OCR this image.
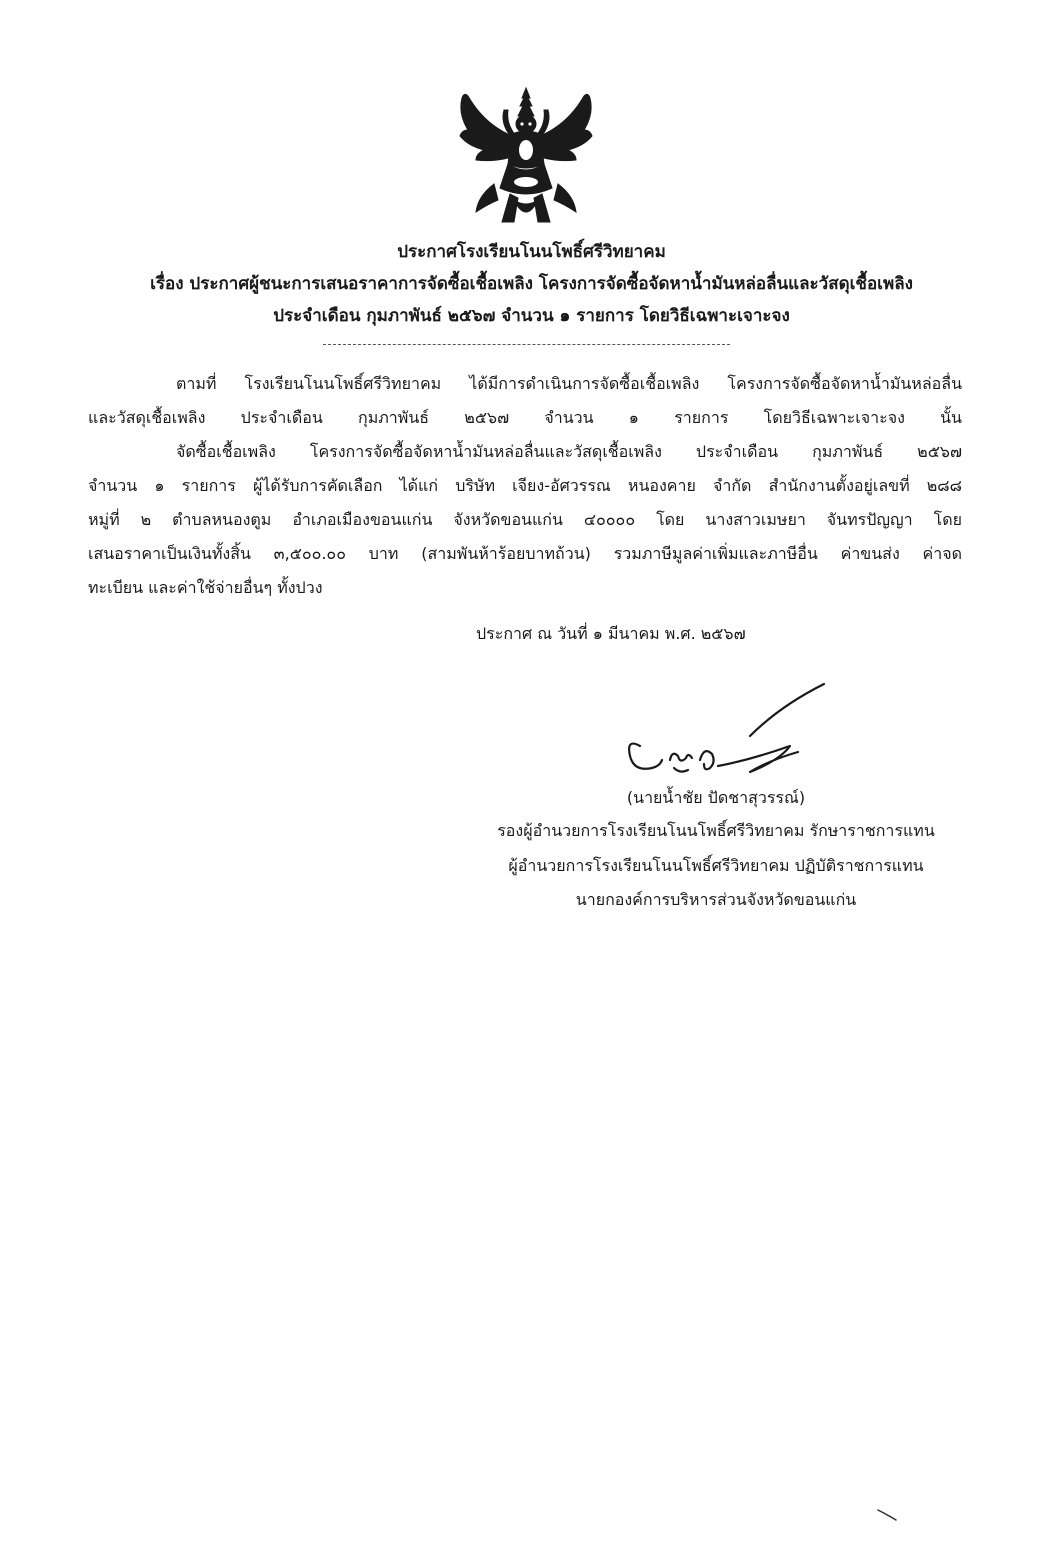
ประกาศโรงเรียนโนนโพธิ์ศรีวิทยาคม
เรื่อง ประกาศผู้ชนะการเสนอราคาการจัดซื้อเชื้อเพลิง โครงการจัดซื้อจัดหาน้ำมันหล่อลื่นและวัสดุเชื้อเพลิง
ประจำเดือน กุมภาพันธ์ ๒๕๖๗ จำนวน ๑ รายการ โดยวิธีเฉพาะเจาะจง
ตามที่ โรงเรียนโนนโพธิ์ศรีวิทยาคม ได้มีการดำเนินการจัดซื้อเชื้อเพลิง โครงการจัดซื้อจัดหาน้ำมันหล่อลื่น
และวัสดุเชื้อเพลิง ประจำเดือน กุมภาพันธ์ ๒๕๖๗ จำนวน ๑ รายการ โดยวิธีเฉพาะเจาะจง นั้น
จัดซื้อเชื้อเพลิง โครงการจัดซื้อจัดหาน้ำมันหล่อลื่นและวัสดุเชื้อเพลิง ประจำเดือน กุมภาพันธ์ ๒๕๖๗
จำนวน ๑ รายการ ผู้ได้รับการคัดเลือก ได้แก่ บริษัท เจียง-อัศวรรณ หนองคาย จำกัด สำนักงานตั้งอยู่เลขที่ ๒๘๘
หมู่ที่ ๒ ตำบลหนองตูม อำเภอเมืองขอนแก่น จังหวัดขอนแก่น ๔๐๐๐๐ โดย นางสาวเมษยา จันทรปัญญา โดย
เสนอราคาเป็นเงินทั้งสิ้น ๓,๕๐๐.๐๐ บาท (สามพันห้าร้อยบาทถ้วน) รวมภาษีมูลค่าเพิ่มและภาษีอื่น ค่าขนส่ง ค่าจด
ทะเบียน และค่าใช้จ่ายอื่นๆ ทั้งปวง
ประกาศ ณ วันที่ ๑ มีนาคม พ.ศ. ๒๕๖๗
(นายน้ำชัย ปัดชาสุวรรณ์)
รองผู้อำนวยการโรงเรียนโนนโพธิ์ศรีวิทยาคม รักษาราชการแทน
ผู้อำนวยการโรงเรียนโนนโพธิ์ศรีวิทยาคม ปฏิบัติราชการแทน
นายกองค์การบริหารส่วนจังหวัดขอนแก่น
